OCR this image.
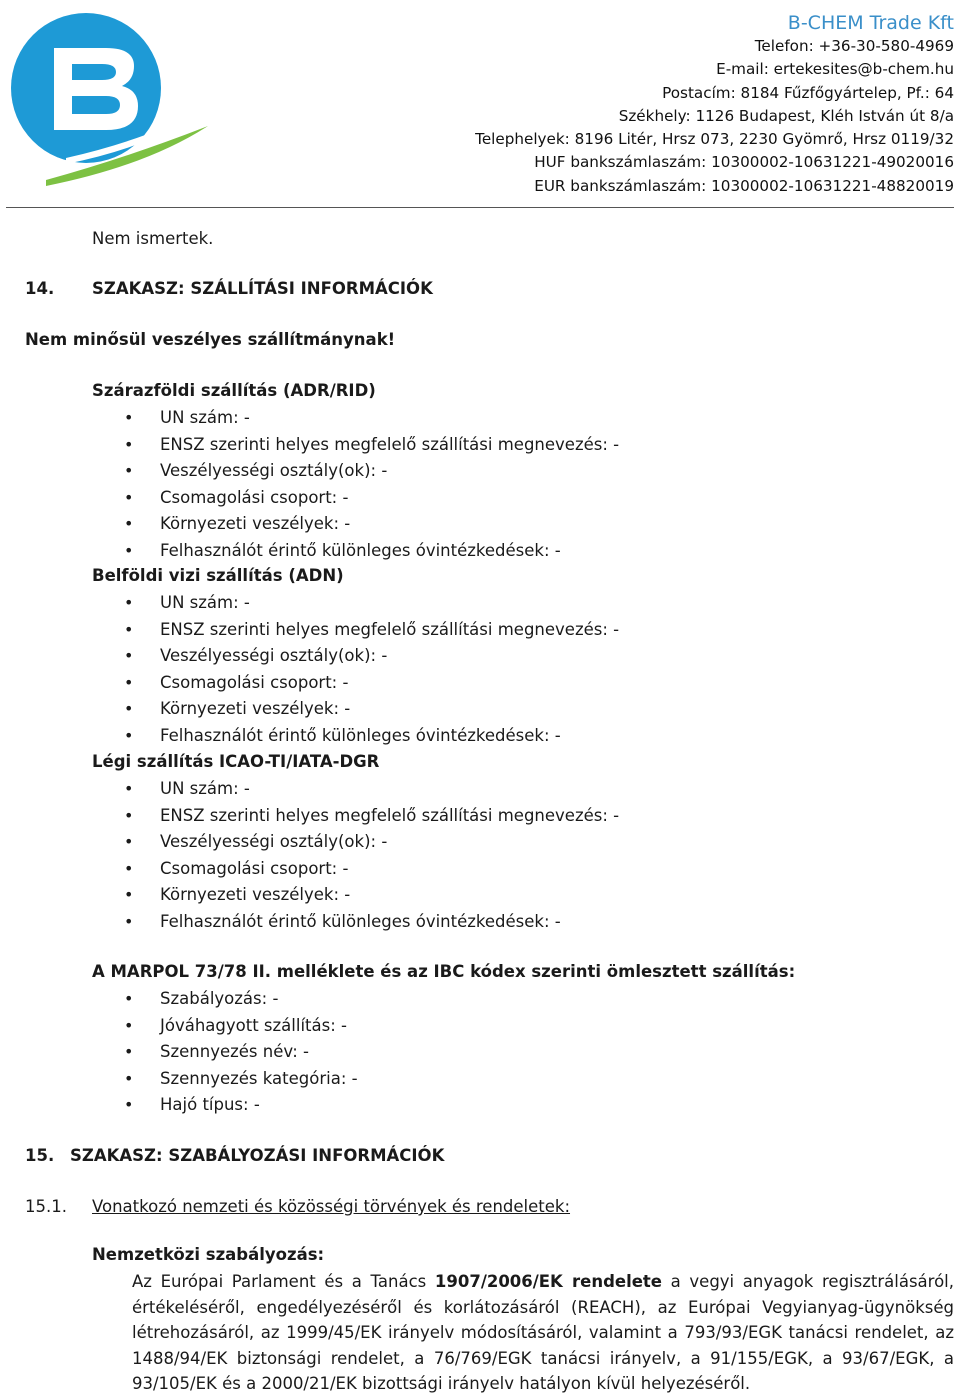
B-CHEM Trade Kft
Telefon: +36-30-580-4969
E-mail: ertekesites@b-chem.hu
Postacím: 8184 Fűzfőgyártelep, Pf.: 64
Székhely: 1126 Budapest, Kléh István út 8/a
Telephelyek: 8196 Litér, Hrsz 073, 2230 Gyömrő, Hrsz 0119/32
HUF bankszámlaszám: 10300002-10631221-49020016
EUR bankszámlaszám: 10300002-10631221-48820019
Nem ismertek.
14. SZAKASZ: SZÁLLÍTÁSI INFORMÁCIÓK
Nem minősül veszélyes szállítmánynak!
Szárazföldi szállítás (ADR/RID)
• UN szám: -
• ENSZ szerinti helyes megfelelő szállítási megnevezés: -
• Veszélyességi osztály(ok): -
• Csomagolási csoport: -
• Környezeti veszélyek: -
• Felhasználót érintő különleges óvintézkedések: -
Belföldi vizi szállítás (ADN)
• UN szám: -
• ENSZ szerinti helyes megfelelő szállítási megnevezés: -
• Veszélyességi osztály(ok): -
• Csomagolási csoport: -
• Környezeti veszélyek: -
• Felhasználót érintő különleges óvintézkedések: -
Légi szállítás ICAO-TI/IATA-DGR
• UN szám: -
• ENSZ szerinti helyes megfelelő szállítási megnevezés: -
• Veszélyességi osztály(ok): -
• Csomagolási csoport: -
• Környezeti veszélyek: -
• Felhasználót érintő különleges óvintézkedések: -
A MARPOL 73/78 II. melléklete és az IBC kódex szerinti ömlesztett szállítás:
• Szabályozás: -
• Jóváhagyott szállítás: -
• Szennyezés név: -
• Szennyezés kategória: -
• Hajó típus: -
15. SZAKASZ: SZABÁLYOZÁSI INFORMÁCIÓK
15.1. Vonatkozó nemzeti és közösségi törvények és rendeletek:
Nemzetközi szabályozás:
Az Európai Parlament és a Tanács 1907/2006/EK rendelete a vegyi anyagok regisztrálásáról, értékeléséről, engedélyezéséről és korlátozásáról (REACH), az Európai Vegyianyag-ügynökség létrehozásáról, az 1999/45/EK irányelv módosításáról, valamint a 793/93/EGK tanácsi rendelet, az 1488/94/EK biztonsági rendelet, a 76/769/EGK tanácsi irányelv, a 91/155/EGK, a 93/67/EGK, a 93/105/EK és a 2000/21/EK bizottsági irányelv hatályon kívül helyezéséről.
